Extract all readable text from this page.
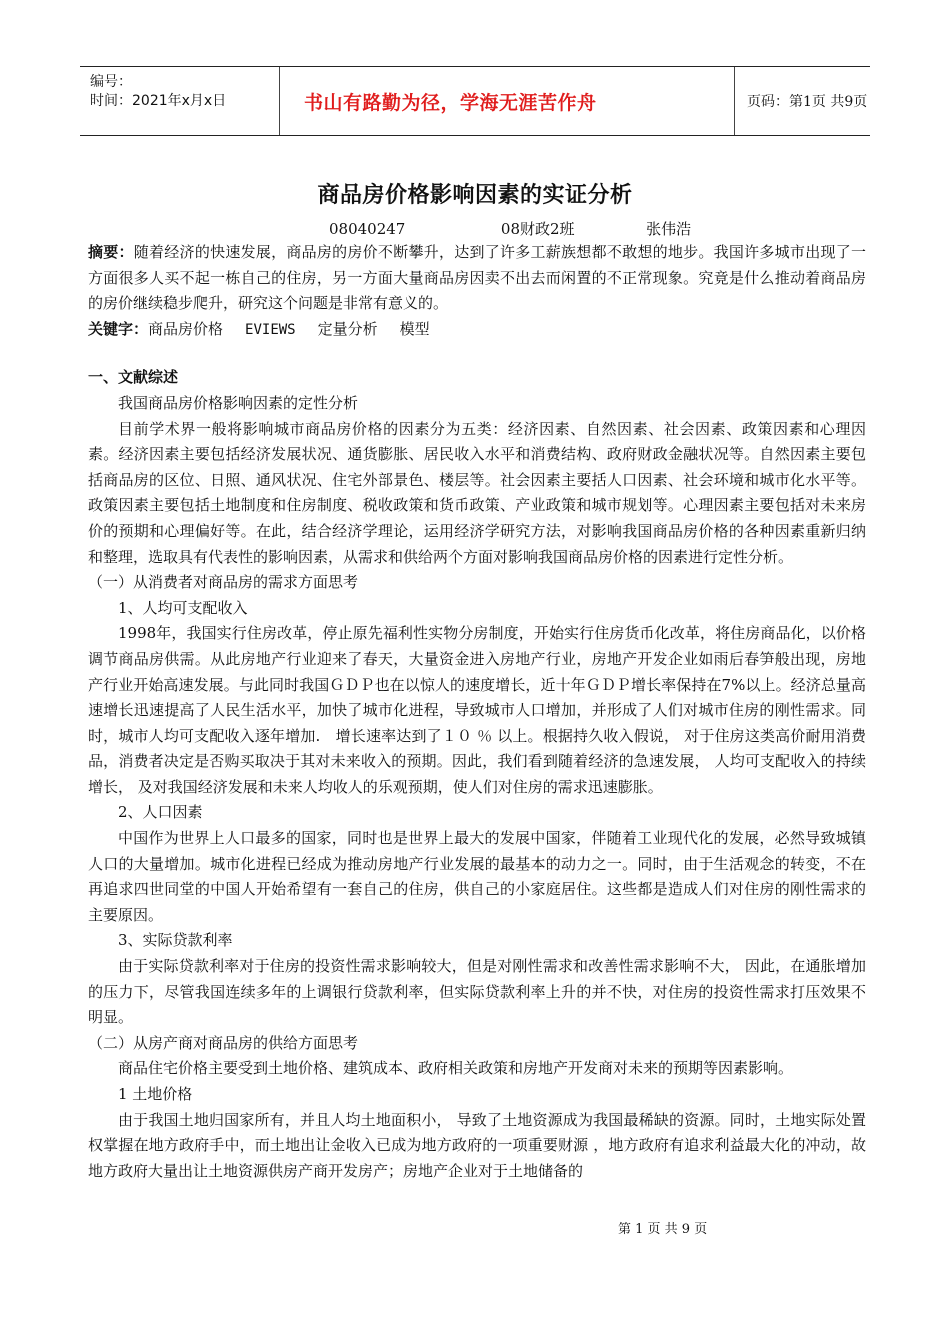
编号：
时间：2021年x月x日	书山有路勤为径，学海无涯苦作舟	页码：第1页 共9页
商品房价格影响因素的实证分析
08040247	08财政2班	张伟浩

摘要：随着经济的快速发展，商品房的房价不断攀升，达到了许多工薪族想都不敢想的地步。我国许多城市出现了一方面很多人买不起一栋自己的住房，另一方面大量商品房因卖不出去而闲置的不正常现象。究竟是什么推动着商品房的房价继续稳步爬升，研究这个问题是非常有意义的。

关键字：商品房价格 EVIEWS 定量分析 模型

一、文献综述

我国商品房价格影响因素的定性分析

目前学术界一般将影响城市商品房价格的因素分为五类：经济因素、自然因素、社会因素、政策因素和心理因素。经济因素主要包括经济发展状况、通货膨胀、居民收入水平和消费结构、政府财政金融状况等。自然因素主要包括商品房的区位、日照、通风状况、住宅外部景色、楼层等。社会因素主要括人口因素、社会环境和城市化水平等。政策因素主要包括土地制度和住房制度、税收政策和货币政策、产业政策和城市规划等。心理因素主要包括对未来房价的预期和心理偏好等。在此，结合经济学理论，运用经济学研究方法，对影响我国商品房价格的各种因素重新归纳和整理，选取具有代表性的影响因素，从需求和供给两个方面对影响我国商品房价格的因素进行定性分析。

（一）从消费者对商品房的需求方面思考

1、人均可支配收入

1998年，我国实行住房改革，停止原先福利性实物分房制度，开始实行住房货币化改革，将住房商品化，以价格调节商品房供需。从此房地产行业迎来了春天，大量资金进入房地产行业，房地产开发企业如雨后春笋般出现，房地产行业开始高速发展。与此同时我国ＧＤＰ也在以惊人的速度增长，近十年ＧＤＰ增长率保持在7%以上。经济总量高速增长迅速提高了人民生活水平，加快了城市化进程，导致城市人口增加，并形成了人们对城市住房的刚性需求。同时，城市人均可支配收入逐年增加.　增长速率达到了１０ ％ 以上。根据持久收入假说， 对于住房这类高价耐用消费品，消费者决定是否购买取决于其对未来收入的预期。因此，我们看到随着经济的急速发展， 人均可支配收入的持续增长， 及对我国经济发展和未来人均收人的乐观预期，使人们对住房的需求迅速膨胀。

2、人口因素

中国作为世界上人口最多的国家，同时也是世界上最大的发展中国家，伴随着工业现代化的发展，必然导致城镇人口的大量增加。城市化进程已经成为推动房地产行业发展的最基本的动力之一。同时，由于生活观念的转变，不在再追求四世同堂的中国人开始希望有一套自己的住房，供自己的小家庭居住。这些都是造成人们对住房的刚性需求的主要原因。

3、实际贷款利率

由于实际贷款利率对于住房的投资性需求影响较大，但是对刚性需求和改善性需求影响不大， 因此，在通胀增加的压力下，尽管我国连续多年的上调银行贷款利率，但实际贷款利率上升的并不快，对住房的投资性需求打压效果不明显。

（二）从房产商对商品房的供给方面思考

商品住宅价格主要受到土地价格、建筑成本、政府相关政策和房地产开发商对未来的预期等因素影响。

1 土地价格

由于我国土地归国家所有，并且人均土地面积小， 导致了土地资源成为我国最稀缺的资源。同时，土地实际处置权掌握在地方政府手中，而土地出让金收入已成为地方政府的一项重要财源 ，地方政府有追求利益最大化的冲动，故地方政府大量出让土地资源供房产商开发房产；房地产企业对于土地储备的

第 1 页 共 9 页
